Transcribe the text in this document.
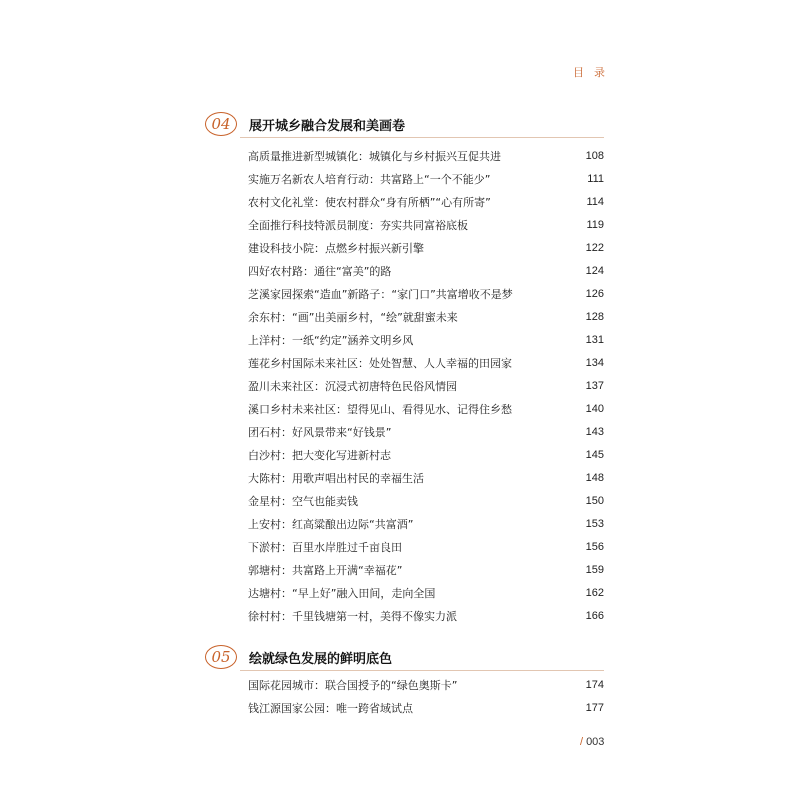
目录
04	展开城乡融合发展和美画卷
高质量推进新型城镇化：城镇化与乡村振兴互促共进	108
实施万名新农人培育行动：共富路上“一个不能少”	111
农村文化礼堂：使农村群众“身有所栖”“心有所寄”	114
全面推行科技特派员制度：夯实共同富裕底板	119
建设科技小院：点燃乡村振兴新引擎	122
四好农村路：通往“富美”的路	124
芝溪家园探索“造血”新路子：“家门口”共富增收不是梦	126
余东村：“画”出美丽乡村，“绘”就甜蜜未来	128
上洋村：一纸“约定”涵养文明乡风	131
莲花乡村国际未来社区：处处智慧、人人幸福的田园家	134
盈川未来社区：沉浸式初唐特色民俗风情园	137
溪口乡村未来社区：望得见山、看得见水、记得住乡愁	140
团石村：好风景带来“好钱景”	143
白沙村：把大变化写进新村志	145
大陈村：用歌声唱出村民的幸福生活	148
金星村：空气也能卖钱	150
上安村：红高粱酿出边际“共富酒”	153
下淤村：百里水岸胜过千亩良田	156
郭塘村：共富路上开满“幸福花”	159
达塘村：“早上好”融入田间，走向全国	162
徐村村：千里钱塘第一村，美得不像实力派	166
05	绘就绿色发展的鲜明底色
国际花园城市：联合国授予的“绿色奥斯卡”	174
钱江源国家公园：唯一跨省域试点	177
/ 003
